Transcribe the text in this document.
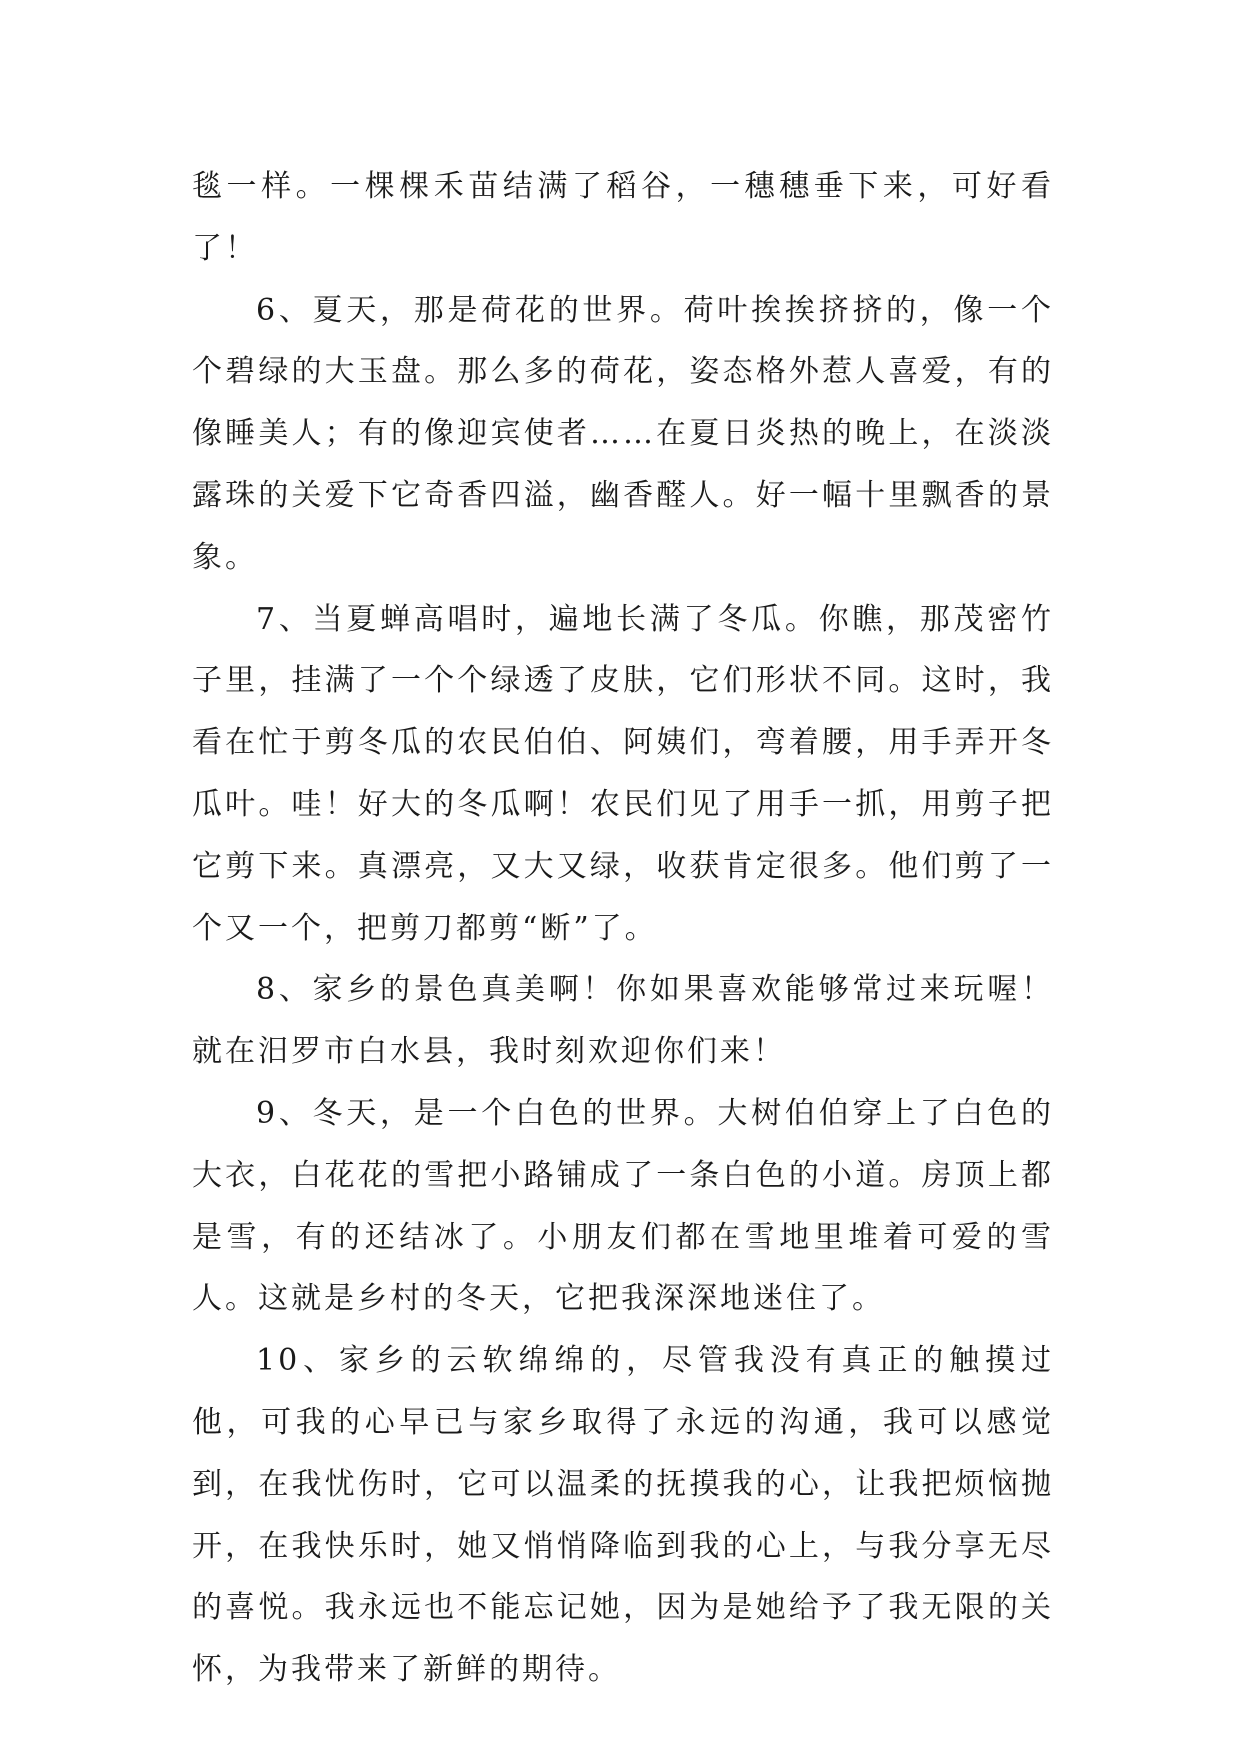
毯一样。一棵棵禾苗结满了稻谷，一穗穗垂下来，可好看了！

6、夏天，那是荷花的世界。荷叶挨挨挤挤的，像一个个碧绿的大玉盘。那么多的荷花，姿态格外惹人喜爱，有的像睡美人；有的像迎宾使者……在夏日炎热的晚上，在淡淡露珠的关爱下它奇香四溢，幽香醛人。好一幅十里飘香的景象。

7、当夏蝉高唱时，遍地长满了冬瓜。你瞧，那茂密竹子里，挂满了一个个绿透了皮肤，它们形状不同。这时，我看在忙于剪冬瓜的农民伯伯、阿姨们，弯着腰，用手弄开冬瓜叶。哇！好大的冬瓜啊！农民们见了用手一抓，用剪子把它剪下来。真漂亮，又大又绿，收获肯定很多。他们剪了一个又一个，把剪刀都剪“断”了。

8、家乡的景色真美啊！你如果喜欢能够常过来玩喔！就在汨罗市白水县，我时刻欢迎你们来！

9、冬天，是一个白色的世界。大树伯伯穿上了白色的大衣，白花花的雪把小路铺成了一条白色的小道。房顶上都是雪，有的还结冰了。小朋友们都在雪地里堆着可爱的雪人。这就是乡村的冬天，它把我深深地迷住了。

10、家乡的云软绵绵的，尽管我没有真正的触摸过他，可我的心早已与家乡取得了永远的沟通，我可以感觉到，在我忧伤时，它可以温柔的抚摸我的心，让我把烦恼抛开，在我快乐时，她又悄悄降临到我的心上，与我分享无尽的喜悦。我永远也不能忘记她，因为是她给予了我无限的关怀，为我带来了新鲜的期待。
